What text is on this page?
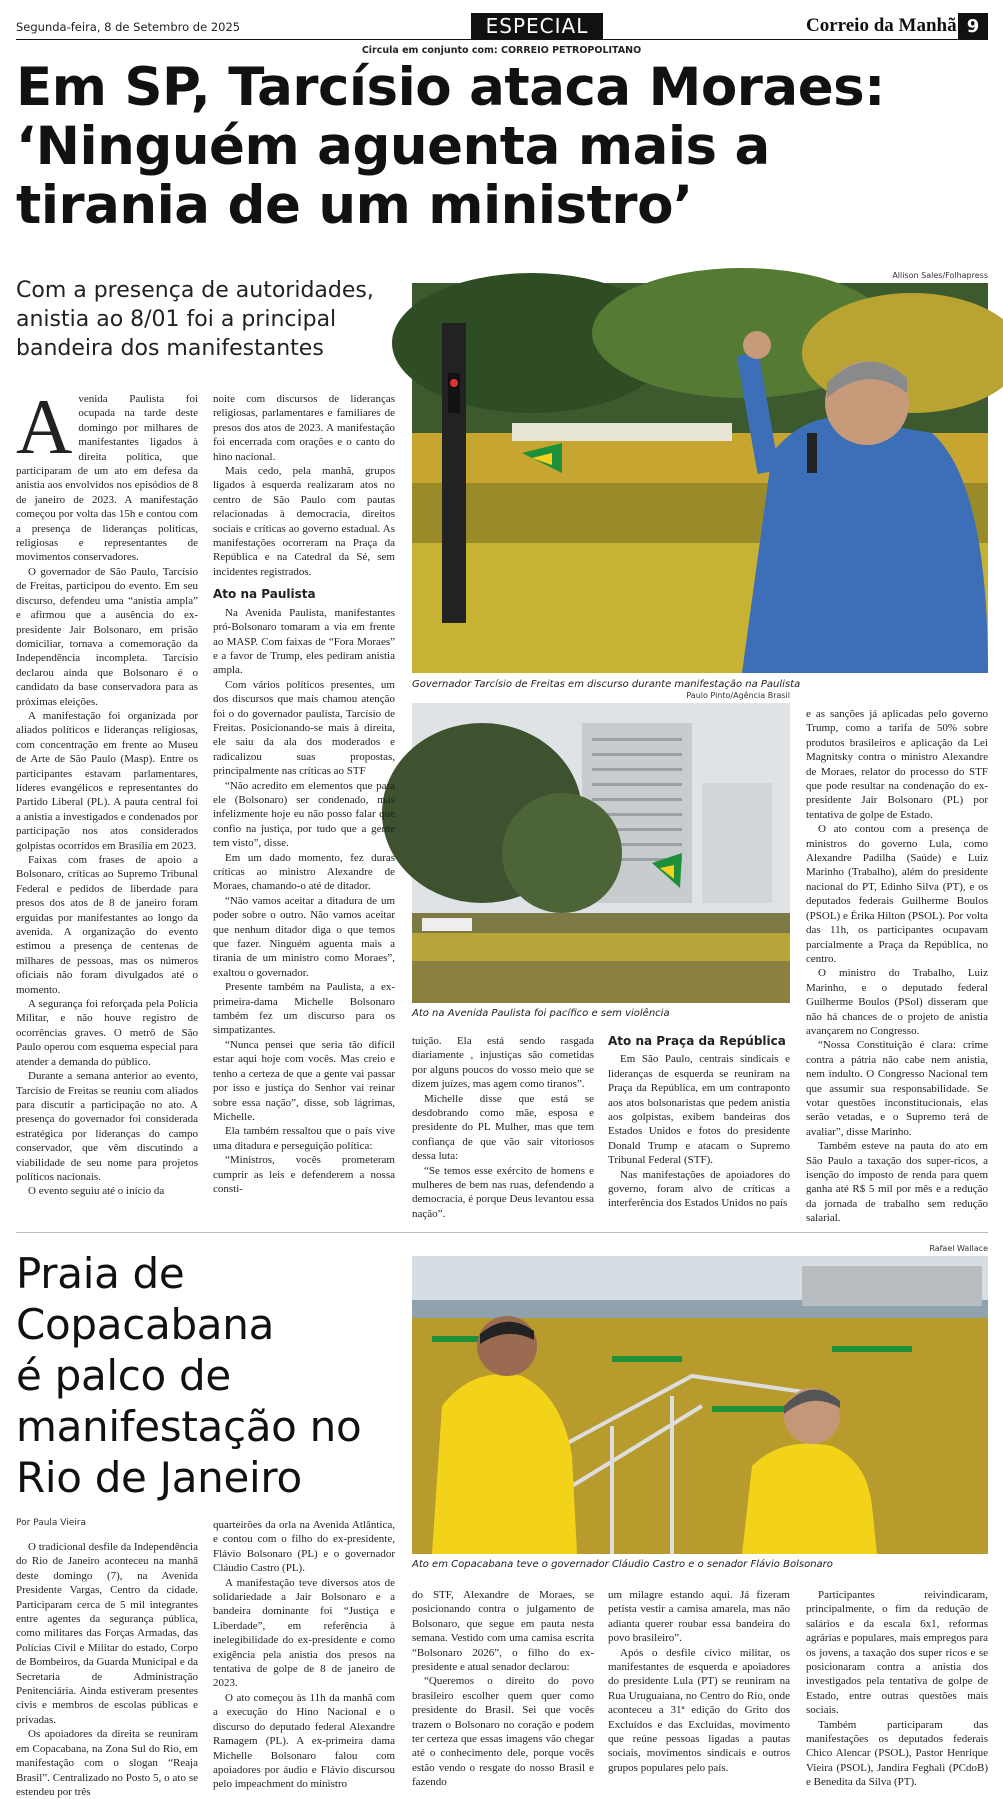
Segunda-feira, 8 de Setembro de 2025	ESPECIAL	Correio da Manhã 9
Circula em conjunto com: CORREIO PETROPOLITANO
Em SP, Tarcísio ataca Moraes:
‘Ninguém aguenta mais a
tirania de um ministro’
Com a presença de autoridades, anistia ao 8/01 foi a principal bandeira dos manifestantes
Allison Sales/Folhapress
Governador Tarcísio de Freitas em discurso durante manifestação na Paulista
Paulo Pinto/Agência Brasil
Ato na Avenida Paulista foi pacífico e sem violência
A venida Paulista foi ocupada na tarde deste domingo por milhares de manifestantes ligados à direita política, que participaram de um ato em defesa da anistia aos envolvidos nos episódios de 8 de janeiro de 2023. A manifestação começou por volta das 15h e contou com a presença de lideranças políticas, religiosas e representantes de movimentos conservadores.

O governador de São Paulo, Tarcísio de Freitas, participou do evento. Em seu discurso, defendeu uma “anistia ampla” e afirmou que a ausência do ex-presidente Jair Bolsonaro, em prisão domiciliar, tornava a comemoração da Independência incompleta. Tarcísio declarou ainda que Bolsonaro é o candidato da base conservadora para as próximas eleições.

A manifestação foi organizada por aliados políticos e lideranças religiosas, com concentração em frente ao Museu de Arte de São Paulo (Masp). Entre os participantes estavam parlamentares, líderes evangélicos e representantes do Partido Liberal (PL). A pauta central foi a anistia a investigados e condenados por participação nos atos considerados golpistas ocorridos em Brasília em 2023.

Faixas com frases de apoio a Bolsonaro, críticas ao Supremo Tribunal Federal e pedidos de liberdade para presos dos atos de 8 de janeiro foram erguidas por manifestantes ao longo da avenida. A organização do evento estimou a presença de centenas de milhares de pessoas, mas os números oficiais não foram divulgados até o momento.

A segurança foi reforçada pela Polícia Militar, e não houve registro de ocorrências graves. O metrô de São Paulo operou com esquema especial para atender a demanda do público.

Durante a semana anterior ao evento, Tarcísio de Freitas se reuniu com aliados para discutir a participação no ato. A presença do governador foi considerada estratégica por lideranças do campo conservador, que vêm discutindo a viabilidade de seu nome para projetos políticos nacionais.

O evento seguiu até o início da

noite com discursos de lideranças religiosas, parlamentares e familiares de presos dos atos de 2023. A manifestação foi encerrada com orações e o canto do hino nacional.

Mais cedo, pela manhã, grupos ligados à esquerda realizaram atos no centro de São Paulo com pautas relacionadas à democracia, direitos sociais e críticas ao governo estadual. As manifestações ocorreram na Praça da República e na Catedral da Sé, sem incidentes registrados.

Ato na Paulista

Na Avenida Paulista, manifestantes pró-Bolsonaro tomaram a via em frente ao MASP. Com faixas de “Fora Moraes” e a favor de Trump, eles pediram anistia ampla.

Com vários políticos presentes, um dos discursos que mais chamou atenção foi o do governador paulista, Tarcísio de Freitas. Posicionando-se mais à direita, ele saiu da ala dos moderados e radicalizou suas propostas, principalmente nas críticas ao STF

“Não acredito em elementos que para ele (Bolsonaro) ser condenado, mas infelizmente hoje eu não posso falar que confio na justiça, por tudo que a gente tem visto”, disse.

Em um dado momento, fez duras críticas ao ministro Alexandre de Moraes, chamando-o até de ditador.

“Não vamos aceitar a ditadura de um poder sobre o outro. Não vamos aceitar que nenhum ditador diga o que temos que fazer. Ninguém aguenta mais a tirania de um ministro como Moraes”, exaltou o governador.

Presente também na Paulista, a ex-primeira-dama Michelle Bolsonaro também fez um discurso para os simpatizantes.

“Nunca pensei que seria tão difícil estar aqui hoje com vocês. Mas creio e tenho a certeza de que a gente vai passar por isso e justiça do Senhor vai reinar sobre essa nação”, disse, sob lágrimas, Michelle.

Ela também ressaltou que o país vive uma ditadura e perseguição política:

“Ministros, vocês prometeram cumprir as leis e defenderem a nossa consti-

tuição. Ela está sendo rasgada diariamente , injustiças são cometidas por alguns poucos do vosso meio que se dizem juízes, mas agem como tiranos”.

Michelle disse que está se desdobrando como mãe, esposa e presidente do PL Mulher, mas que tem confiança de que vão sair vitoriosos dessa luta:

“Se temos esse exército de homens e mulheres de bem nas ruas, defendendo a democracia, é porque Deus levantou essa nação”.

Ato na Praça da República

Em São Paulo, centrais sindicais e lideranças de esquerda se reuniram na Praça da República, em um contraponto aos atos bolsonaristas que pedem anistia aos golpistas, exibem bandeiras dos Estados Unidos e fotos do presidente Donald Trump e atacam o Supremo Tribunal Federal (STF).

Nas manifestações de apoiadores do governo, foram alvo de críticas a interferência dos Estados Unidos no país

e as sanções já aplicadas pelo governo Trump, como a tarifa de 50% sobre produtos brasileiros e aplicação da Lei Magnitsky contra o ministro Alexandre de Moraes, relator do processo do STF que pode resultar na condenação do ex-presidente Jair Bolsonaro (PL) por tentativa de golpe de Estado.

O ato contou com a presença de ministros do governo Lula, como Alexandre Padilha (Saúde) e Luiz Marinho (Trabalho), além do presidente nacional do PT, Edinho Silva (PT), e os deputados federais Guilherme Boulos (PSOL) e Érika Hilton (PSOL). Por volta das 11h, os participantes ocupavam parcialmente a Praça da República, no centro.

O ministro do Trabalho, Luiz Marinho, e o deputado federal Guilherme Boulos (PSol) disseram que não há chances de o projeto de anistia avançarem no Congresso.

“Nossa Constituição é clara: crime contra a pátria não cabe nem anistia, nem indulto. O Congresso Nacional tem que assumir sua responsabilidade. Se votar questões inconstitucionais, elas serão vetadas, e o Supremo terá de avaliar”, disse Marinho.

Também esteve na pauta do ato em São Paulo a taxação dos super-ricos, a isenção do imposto de renda para quem ganha até R$ 5 mil por mês e a redução da jornada de trabalho sem redução salarial.

Praia de
Copacabana
é palco de
manifestação no
Rio de Janeiro
Por Paula Vieira
Rafael Wallace
Ato em Copacabana teve o governador Cláudio Castro e o senador Flávio Bolsonaro

O tradicional desfile da Independência do Rio de Janeiro aconteceu na manhã deste domingo (7), na Avenida Presidente Vargas, Centro da cidade. Participaram cerca de 5 mil integrantes entre agentes da segurança pública, como militares das Forças Armadas, das Polícias Civil e Militar do estado, Corpo de Bombeiros, da Guarda Municipal e da Secretaria de Administração Penitenciária. Ainda estiveram presentes civis e membros de escolas públicas e privadas.

Os apoiadores da direita se reuniram em Copacabana, na Zona Sul do Rio, em manifestação com o slogan “Reaja Brasil”. Centralizado no Posto 5, o ato se estendeu por três

quarteirões da orla na Avenida Atlântica, e contou com o filho do ex-presidente, Flávio Bolsonaro (PL) e o governador Cláudio Castro (PL).

A manifestação teve diversos atos de solidariedade a Jair Bolsonaro e a bandeira dominante foi “Justiça e Liberdade”, em referência à inelegibilidade do ex-presidente e como exigência pela anistia dos presos na tentativa de golpe de 8 de janeiro de 2023.

O ato começou às 11h da manhã com a execução do Hino Nacional e o discurso do deputado federal Alexandre Ramagem (PL). A ex-primeira dama Michelle Bolsonaro falou com apoiadores por áudio e Flávio discursou pelo impeachment do ministro

do STF, Alexandre de Moraes, se posicionando contra o julgamento de Bolsonaro, que segue em pauta nesta semana. Vestido com uma camisa escrita “Bolsonaro 2026”, o filho do ex-presidente e atual senador declarou:

“Queremos o direito do povo brasileiro escolher quem quer como presidente do Brasil. Sei que vocês trazem o Bolsonaro no coração e podem ter certeza que essas imagens vão chegar até o conhecimento dele, porque vocês estão vendo o resgate do nosso Brasil e fazendo

um milagre estando aqui. Já fizeram petista vestir a camisa amarela, mas não adianta querer roubar essa bandeira do povo brasileiro”.

Após o desfile cívico militar, os manifestantes de esquerda e apoiadores do presidente Lula (PT) se reuniram na Rua Uruguaiana, no Centro do Rio, onde aconteceu a 31ª edição do Grito dos Excluídos e das Excluídas, movimento que reúne pessoas ligadas a pautas sociais, movimentos sindicais e outros grupos populares pelo país.

Participantes reivindicaram, principalmente, o fim da redução de salários e da escala 6x1, reformas agrárias e populares, mais empregos para os jovens, a taxação dos super ricos e se posicionaram contra a anistia dos investigados pela tentativa de golpe de Estado, entre outras questões mais sociais.

Também participaram das manifestações os deputados federais Chico Alencar (PSOL), Pastor Henrique Vieira (PSOL), Jandira Feghali (PCdoB) e Benedita da Silva (PT).
